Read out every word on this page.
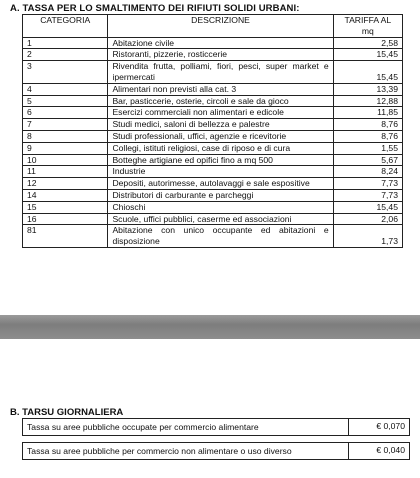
A. TASSA PER LO SMALTIMENTO DEI RIFIUTI SOLIDI URBANI:
CATEGORIA	DESCRIZIONE	TARIFFA AL mq
1	Abitazione civile	2,58
2	Ristoranti, pizzerie, rosticcerie	15,45
3	Rivendita frutta, polliami, fiori, pesci, super market e ipermercati	15,45
4	Alimentari non previsti alla cat. 3	13,39
5	Bar, pasticcerie, osterie, circoli e sale da gioco	12,88
6	Esercizi commerciali non alimentari e edicole	11,85
7	Studi medici, saloni di bellezza e palestre	8,76
8	Studi professionali, uffici, agenzie e ricevitorie	8,76
9	Collegi, istituti religiosi, case di riposo e di cura	1,55
10	Botteghe artigiane ed opifici fino a mq 500	5,67
11	Industrie	8,24
12	Depositi, autorimesse, autolavaggi e sale espositive	7,73
14	Distributori di carburante e parcheggi	7,73
15	Chioschi	15,45
16	Scuole, uffici pubblici, caserme ed associazioni	2,06
81	Abitazione con unico occupante ed abitazioni e disposizione	1,73
B. TARSU GIORNALIERA
Tassa su aree pubbliche occupate per commercio alimentare	€ 0,070

Tassa su aree pubbliche per commercio non alimentare o uso diverso	€ 0,040
